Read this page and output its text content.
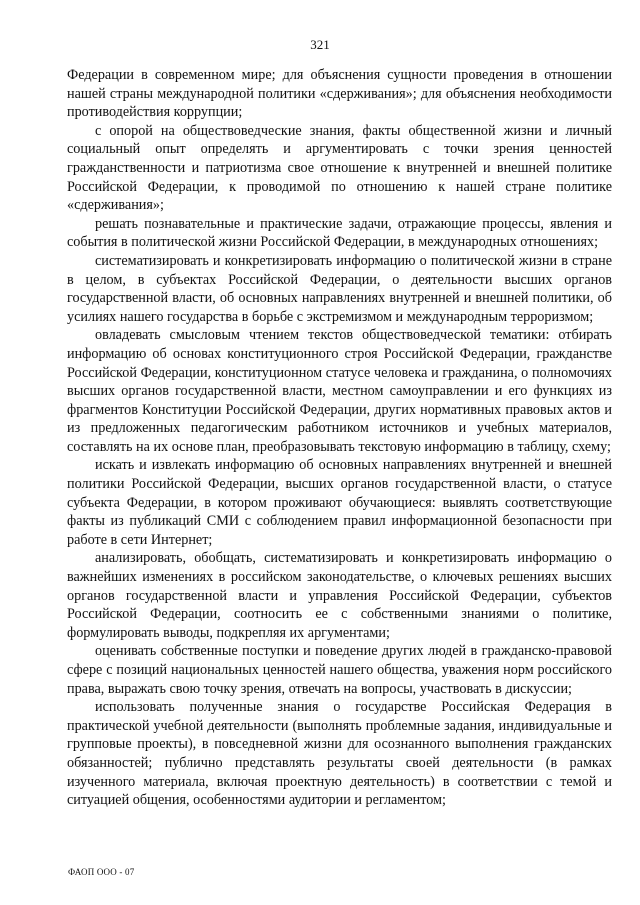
321

Федерации в современном мире; для объяснения сущности проведения в отношении нашей страны международной политики «сдерживания»; для объяснения необходимости противодействия коррупции;

с опорой на обществоведческие знания, факты общественной жизни и личный социальный опыт определять и аргументировать с точки зрения ценностей гражданственности и патриотизма свое отношение к внутренней и внешней политике Российской Федерации, к проводимой по отношению к нашей стране политике «сдерживания»;

решать познавательные и практические задачи, отражающие процессы, явления и события в политической жизни Российской Федерации, в международных отношениях;

систематизировать и конкретизировать информацию о политической жизни в стране в целом, в субъектах Российской Федерации, о деятельности высших органов государственной власти, об основных направлениях внутренней и внешней политики, об усилиях нашего государства в борьбе с экстремизмом и международным терроризмом;

овладевать смысловым чтением текстов обществоведческой тематики: отбирать информацию об основах конституционного строя Российской Федерации, гражданстве Российской Федерации, конституционном статусе человека и гражданина, о полномочиях высших органов государственной власти, местном самоуправлении и его функциях из фрагментов Конституции Российской Федерации, других нормативных правовых актов и из предложенных педагогическим работником источников и учебных материалов, составлять на их основе план, преобразовывать текстовую информацию в таблицу, схему;

искать и извлекать информацию об основных направлениях внутренней и внешней политики Российской Федерации, высших органов государственной власти, о статусе субъекта Федерации, в котором проживают обучающиеся: выявлять соответствующие факты из публикаций СМИ с соблюдением правил информационной безопасности при работе в сети Интернет;

анализировать, обобщать, систематизировать и конкретизировать информацию о важнейших изменениях в российском законодательстве, о ключевых решениях высших органов государственной власти и управления Российской Федерации, субъектов Российской Федерации, соотносить ее с собственными знаниями о политике, формулировать выводы, подкрепляя их аргументами;

оценивать собственные поступки и поведение других людей в гражданско-правовой сфере с позиций национальных ценностей нашего общества, уважения норм российского права, выражать свою точку зрения, отвечать на вопросы, участвовать в дискуссии;

использовать полученные знания о государстве Российская Федерация в практической учебной деятельности (выполнять проблемные задания, индивидуальные и групповые проекты), в повседневной жизни для осознанного выполнения гражданских обязанностей; публично представлять результаты своей деятельности (в рамках изученного материала, включая проектную деятельность) в соответствии с темой и ситуацией общения, особенностями аудитории и регламентом;

ФАОП ООО - 07
